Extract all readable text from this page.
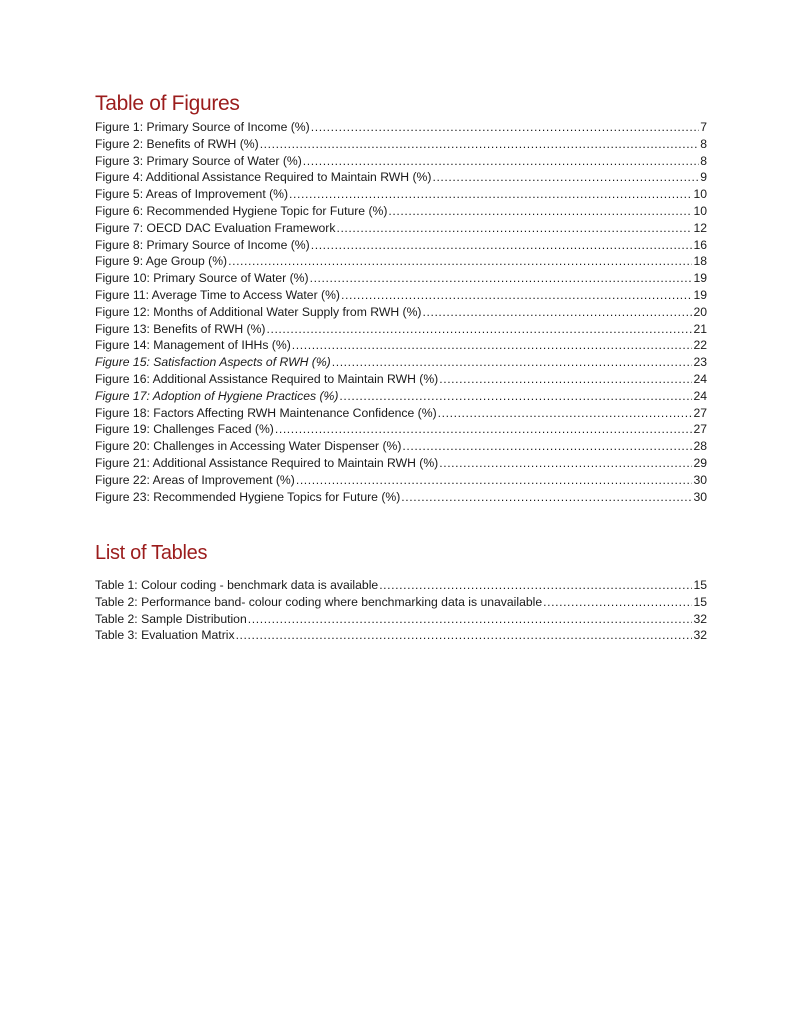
Table of Figures
Figure 1: Primary Source of Income (%) .....	7
Figure 2: Benefits of RWH (%) .....	8
Figure 3: Primary Source of Water (%) .....	8
Figure 4: Additional Assistance Required to Maintain RWH (%) .....	9
Figure 5: Areas of Improvement (%) .....	10
Figure 6: Recommended Hygiene Topic for Future (%) .....	10
Figure 7: OECD DAC Evaluation Framework .....	12
Figure 8: Primary Source of Income (%) .....	16
Figure 9: Age Group (%) .....	18
Figure 10: Primary Source of Water (%) .....	19
Figure 11: Average Time to Access Water (%) .....	19
Figure 12: Months of Additional Water Supply from RWH (%) .....	20
Figure 13: Benefits of RWH (%) .....	21
Figure 14: Management of IHHs (%) .....	22
Figure 15: Satisfaction Aspects of RWH (%) .....	23
Figure 16: Additional Assistance Required to Maintain RWH (%) .....	24
Figure 17: Adoption of Hygiene Practices (%) .....	24
Figure 18: Factors Affecting RWH Maintenance Confidence (%) .....	27
Figure 19: Challenges Faced (%) .....	27
Figure 20: Challenges in Accessing Water Dispenser (%) .....	28
Figure 21: Additional Assistance Required to Maintain RWH (%) .....	29
Figure 22: Areas of Improvement (%) .....	30
Figure 23: Recommended Hygiene Topics for Future (%) .....	30
List of Tables
Table 1: Colour coding - benchmark data is available .....	15
Table 2: Performance band- colour coding where benchmarking data is unavailable .....	15
Table 2: Sample Distribution .....	32
Table 3: Evaluation Matrix .....	32
